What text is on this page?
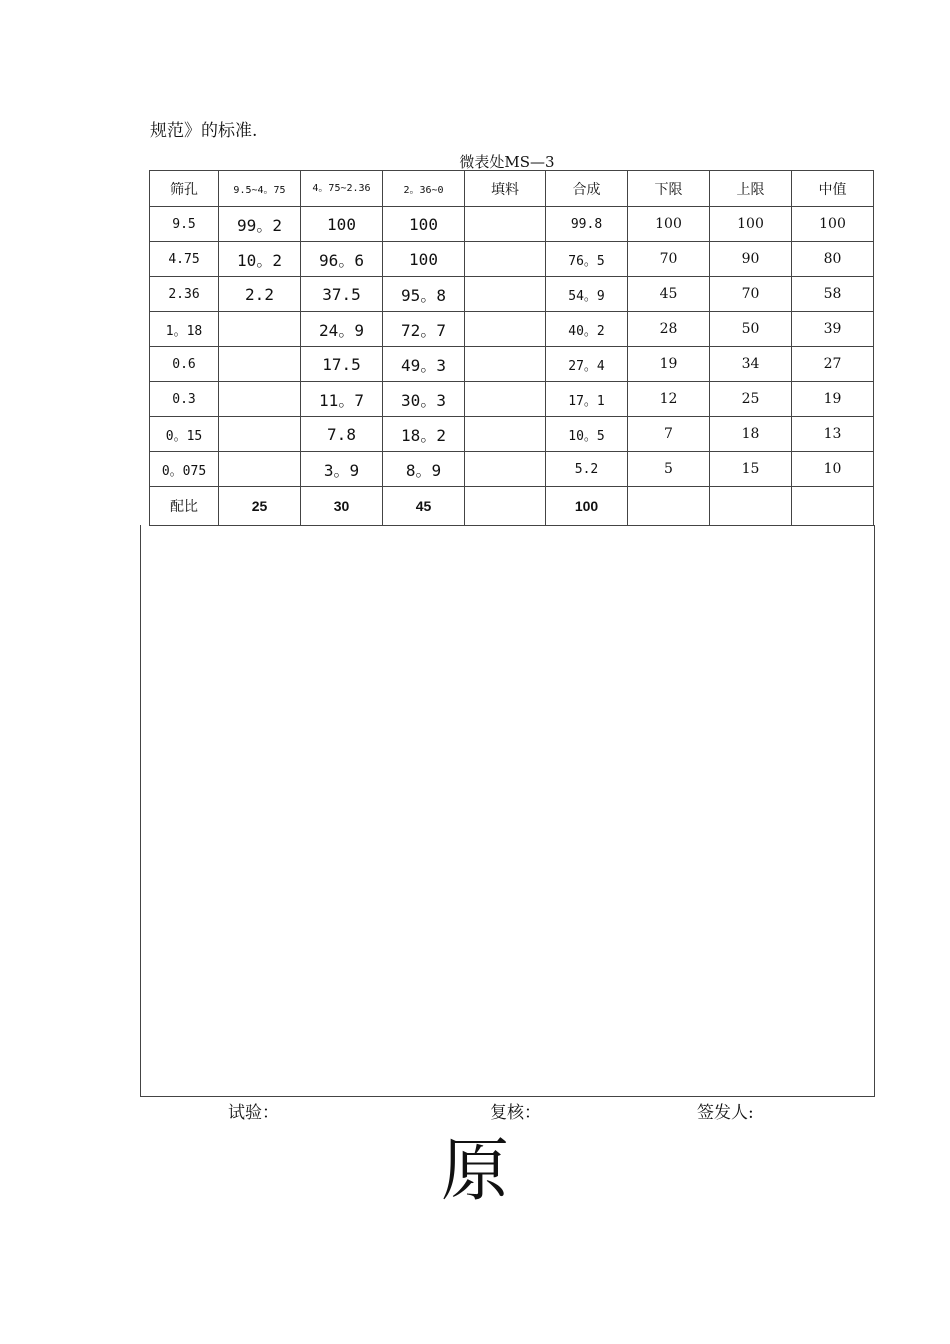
规范》的标准.
微表处MS—3
筛孔	9.5~4。75	4。75~2.36	2。36~0	填料	合成	下限	上限	中值
9.5	99。2	100	100		99.8	100	100	100
4.75	10。2	96。6	100		76。5	70	90	80
2.36	2.2	37.5	95。8		54。9	45	70	58
1。18		24。9	72。7		40。2	28	50	39
0.6		17.5	49。3		27。4	19	34	27
0.3		11。7	30。3		17。1	12	25	19
0。15		7.8	18。2		10。5	7	18	13
0。075		3。9	8。9		5.2	5	15	10
配比	25	30	45		100			
试验：	复核：	签发人:
原
